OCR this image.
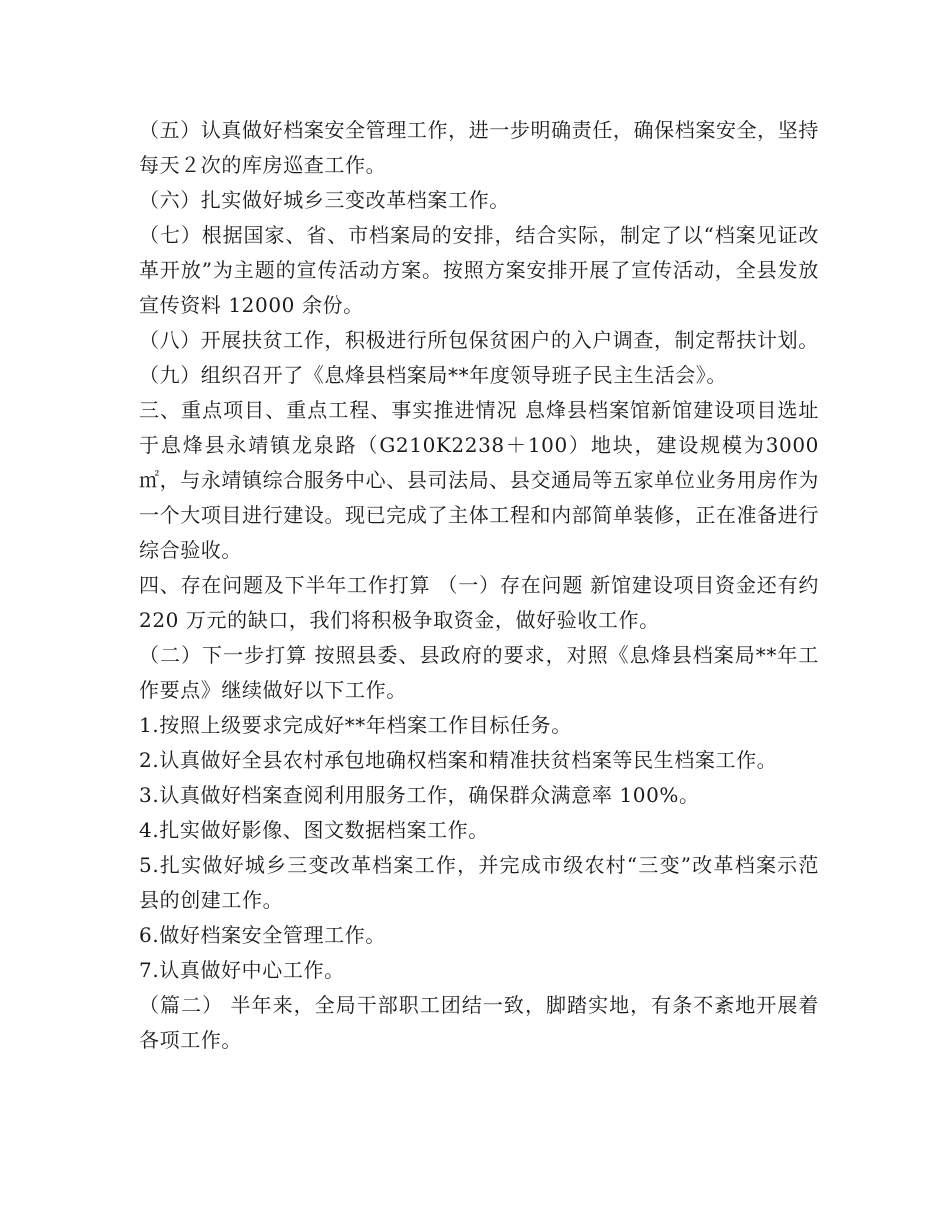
（五）认真做好档案安全管理工作，进一步明确责任，确保档案安全，坚持每天２次的库房巡查工作。

（六）扎实做好城乡三变改革档案工作。

（七）根据国家、省、市档案局的安排，结合实际，制定了以“档案见证改革开放”为主题的宣传活动方案。按照方案安排开展了宣传活动，全县发放宣传资料 12000 余份。

（八）开展扶贫工作，积极进行所包保贫困户的入户调查，制定帮扶计划。

（九）组织召开了《息烽县档案局**年度领导班子民主生活会》。

三、重点项目、重点工程、事实推进情况 息烽县档案馆新馆建设项目选址于息烽县永靖镇龙泉路（G210K2238＋100）地块，建设规模为3000㎡，与永靖镇综合服务中心、县司法局、县交通局等五家单位业务用房作为一个大项目进行建设。现已完成了主体工程和内部简单装修，正在准备进行综合验收。

四、存在问题及下半年工作打算 （一）存在问题 新馆建设项目资金还有约 220 万元的缺口，我们将积极争取资金，做好验收工作。

（二）下一步打算 按照县委、县政府的要求，对照《息烽县档案局**年工作要点》继续做好以下工作。

1.按照上级要求完成好**年档案工作目标任务。

2.认真做好全县农村承包地确权档案和精准扶贫档案等民生档案工作。

3.认真做好档案查阅利用服务工作，确保群众满意率 100%。

4.扎实做好影像、图文数据档案工作。

5.扎实做好城乡三变改革档案工作，并完成市级农村“三变”改革档案示范县的创建工作。

6.做好档案安全管理工作。

7.认真做好中心工作。

（篇二） 半年来，全局干部职工团结一致，脚踏实地，有条不紊地开展着各项工作。
